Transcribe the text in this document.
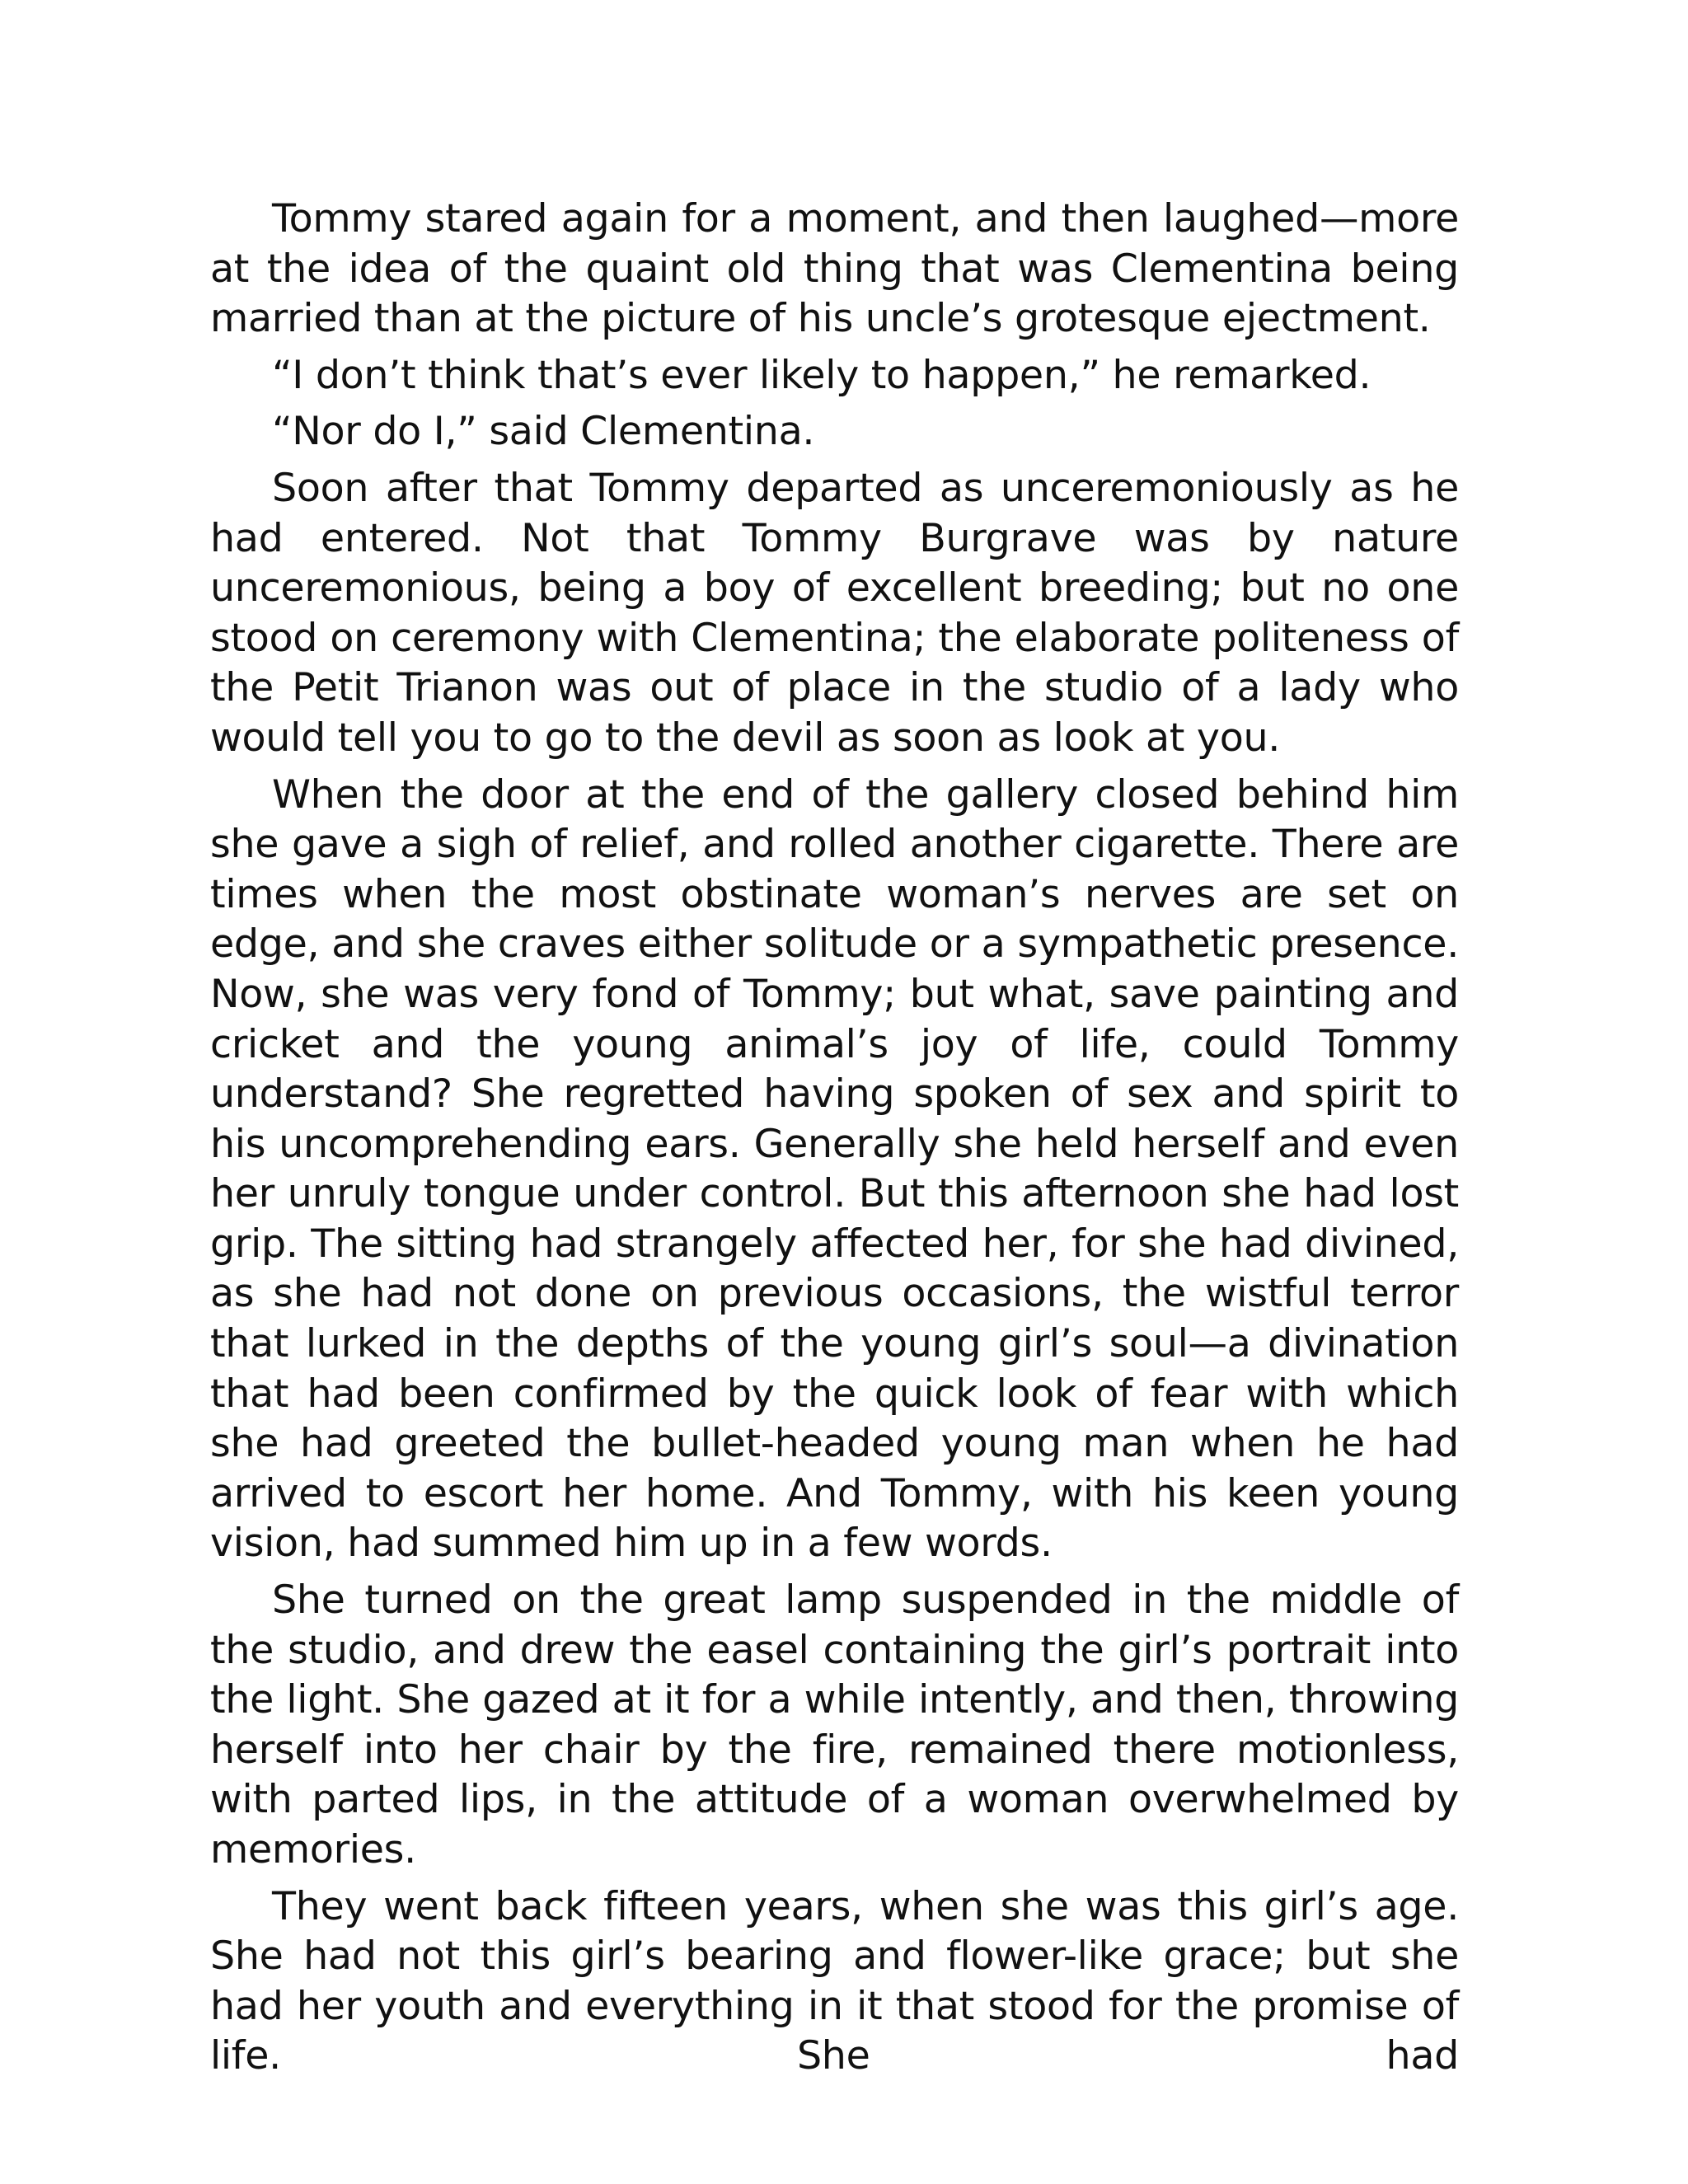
Tommy stared again for a moment, and then laughed—more at the idea of the quaint old thing that was Clementina being married than at the picture of his uncle’s grotesque ejectment.

“I don’t think that’s ever likely to happen,” he remarked.

“Nor do I,” said Clementina.

Soon after that Tommy departed as unceremoniously as he had entered. Not that Tommy Burgrave was by nature unceremonious, being a boy of excellent breeding; but no one stood on ceremony with Clementina; the elaborate politeness of the Petit Trianon was out of place in the studio of a lady who would tell you to go to the devil as soon as look at you.

When the door at the end of the gallery closed behind him she gave a sigh of relief, and rolled another cigarette. There are times when the most obstinate woman’s nerves are set on edge, and she craves either solitude or a sympathetic presence. Now, she was very fond of Tommy; but what, save painting and cricket and the young animal’s joy of life, could Tommy understand? She regretted having spoken of sex and spirit to his uncomprehending ears. Generally she held herself and even her unruly tongue under control. But this afternoon she had lost grip. The sitting had strangely affected her, for she had divined, as she had not done on previous occasions, the wistful terror that lurked in the depths of the young girl’s soul—a divination that had been confirmed by the quick look of fear with which she had greeted the bullet-headed young man when he had arrived to escort her home. And Tommy, with his keen young vision, had summed him up in a few words.

She turned on the great lamp suspended in the middle of the studio, and drew the easel containing the girl’s portrait into the light. She gazed at it for a while intently, and then, throwing herself into her chair by the fire, remained there motionless, with parted lips, in the attitude of a woman overwhelmed by memories.

They went back fifteen years, when she was this girl’s age. She had not this girl’s bearing and flower-like grace; but she had her youth and everything in it that stood for the promise of life. She had
